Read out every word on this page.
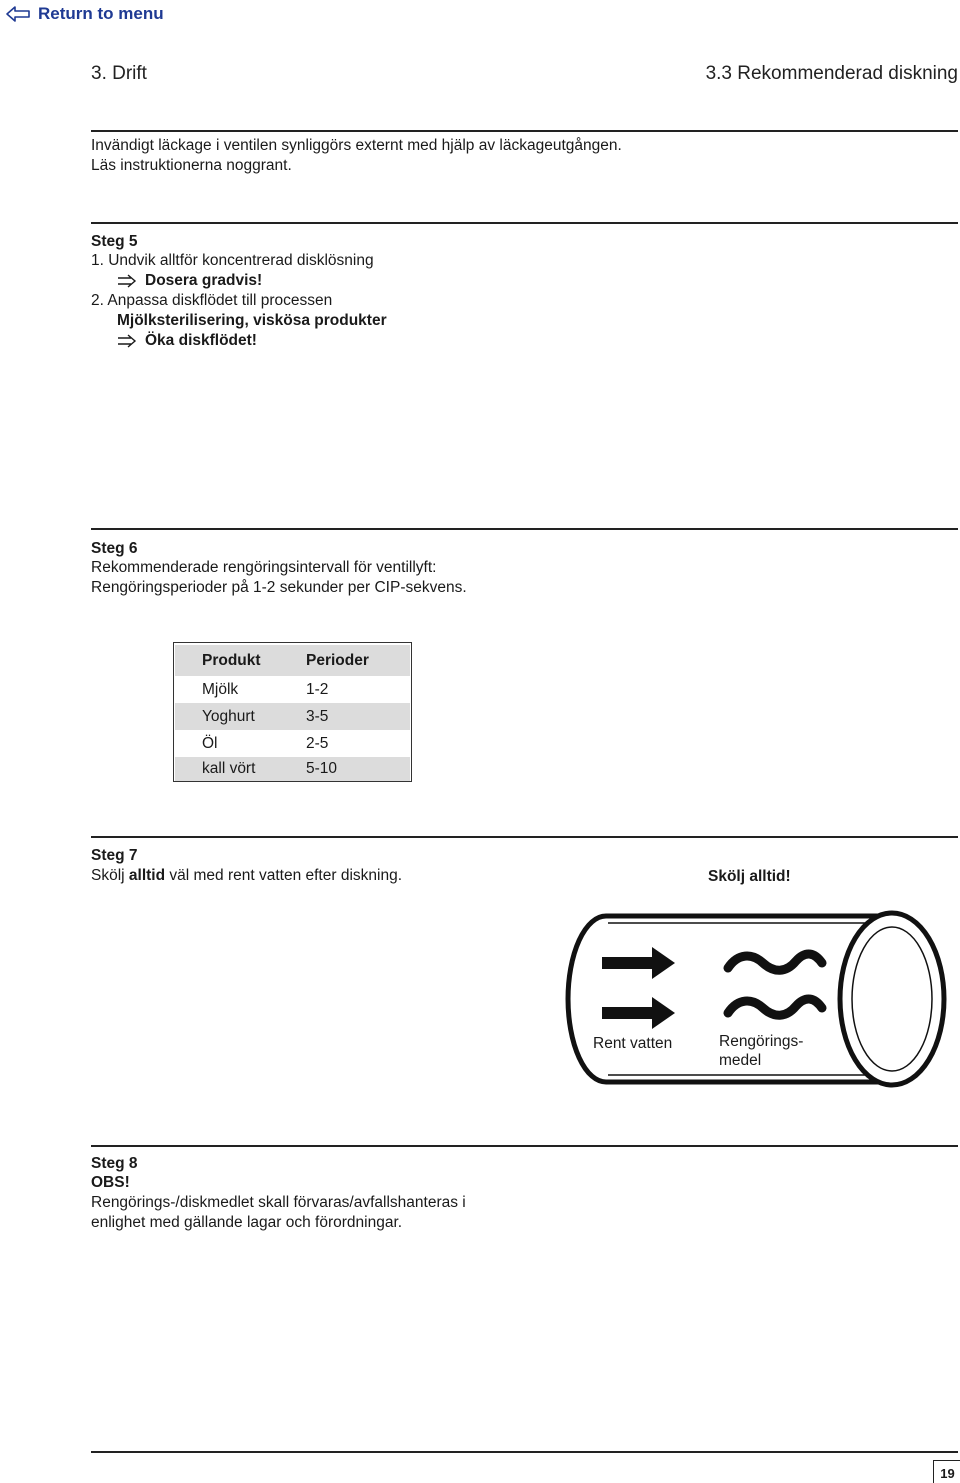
Return to menu
3. Drift	3.3 Rekommenderad diskning
Invändigt läckage i ventilen synliggörs externt med hjälp av läckageutgången.
Läs instruktionerna noggrant.
Steg 5
1. Undvik alltför koncentrerad disklösning
Dosera gradvis!
2. Anpassa diskflödet till processen
Mjölksterilisering, viskösa produkter
Öka diskflödet!
Steg 6
Rekommenderade rengöringsintervall för ventillyft:
Rengöringsperioder på 1-2 sekunder per CIP-sekvens.
Produkt	Perioder
Mjölk	1-2
Yoghurt	3-5
Öl	2-5
kall vört	5-10
Steg 7
Skölj alltid väl med rent vatten efter diskning.	Skölj alltid!
Rent vatten	Rengörings-
medel
Steg 8
OBS!
Rengörings-/diskmedlet skall förvaras/avfallshanteras i
enlighet med gällande lagar och förordningar.
19
